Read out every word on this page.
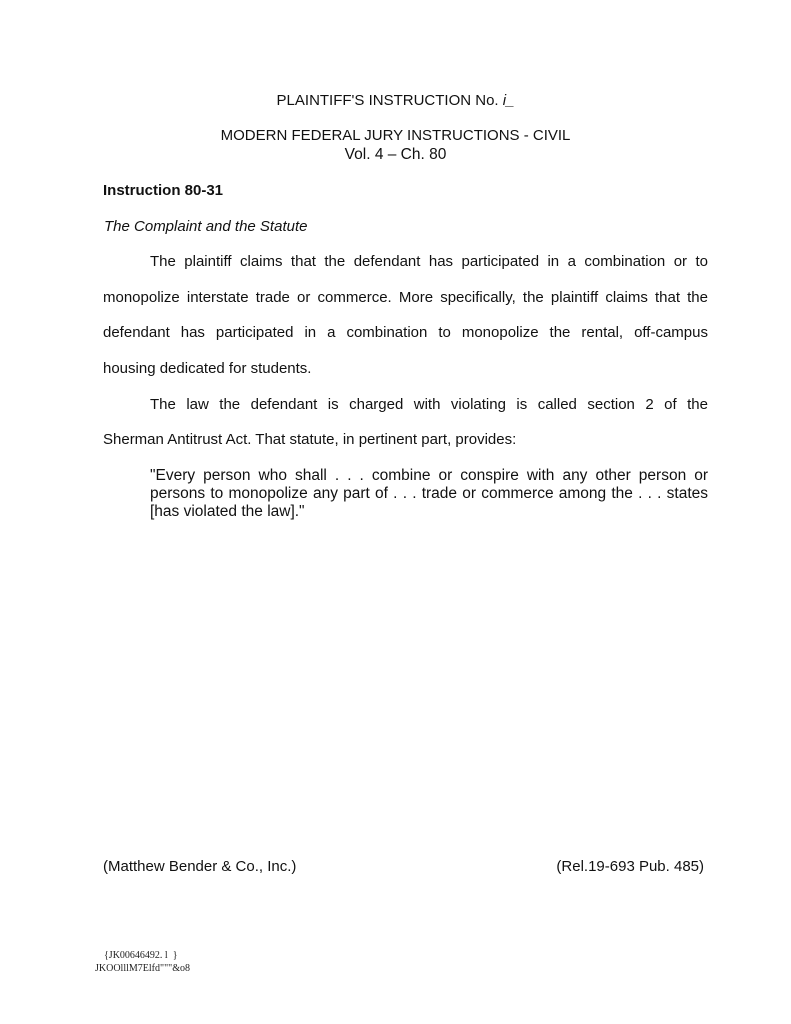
PLAINTIFF'S INSTRUCTION No. i_
MODERN FEDERAL JURY INSTRUCTIONS - CIVIL
Vol. 4 – Ch. 80
Instruction 80-31
The Complaint and the Statute
The plaintiff claims that the defendant has participated in a combination or to
monopolize interstate trade or commerce. More specifically, the plaintiff claims that the
defendant has participated in a combination to monopolize the rental, off-campus
housing dedicated for students.
The law the defendant is charged with violating is called section 2 of the
Sherman Antitrust Act. That statute, in pertinent part, provides:
"Every person who shall . . . combine or conspire with any other person or
persons to monopolize any part of . . . trade or commerce among the . . . states
[has violated the law]."
(Matthew Bender & Co., Inc.)	(Rel.19-693 Pub. 485)
{JK00646492. l  }
JKOOlllM7Elfd"""&o8
